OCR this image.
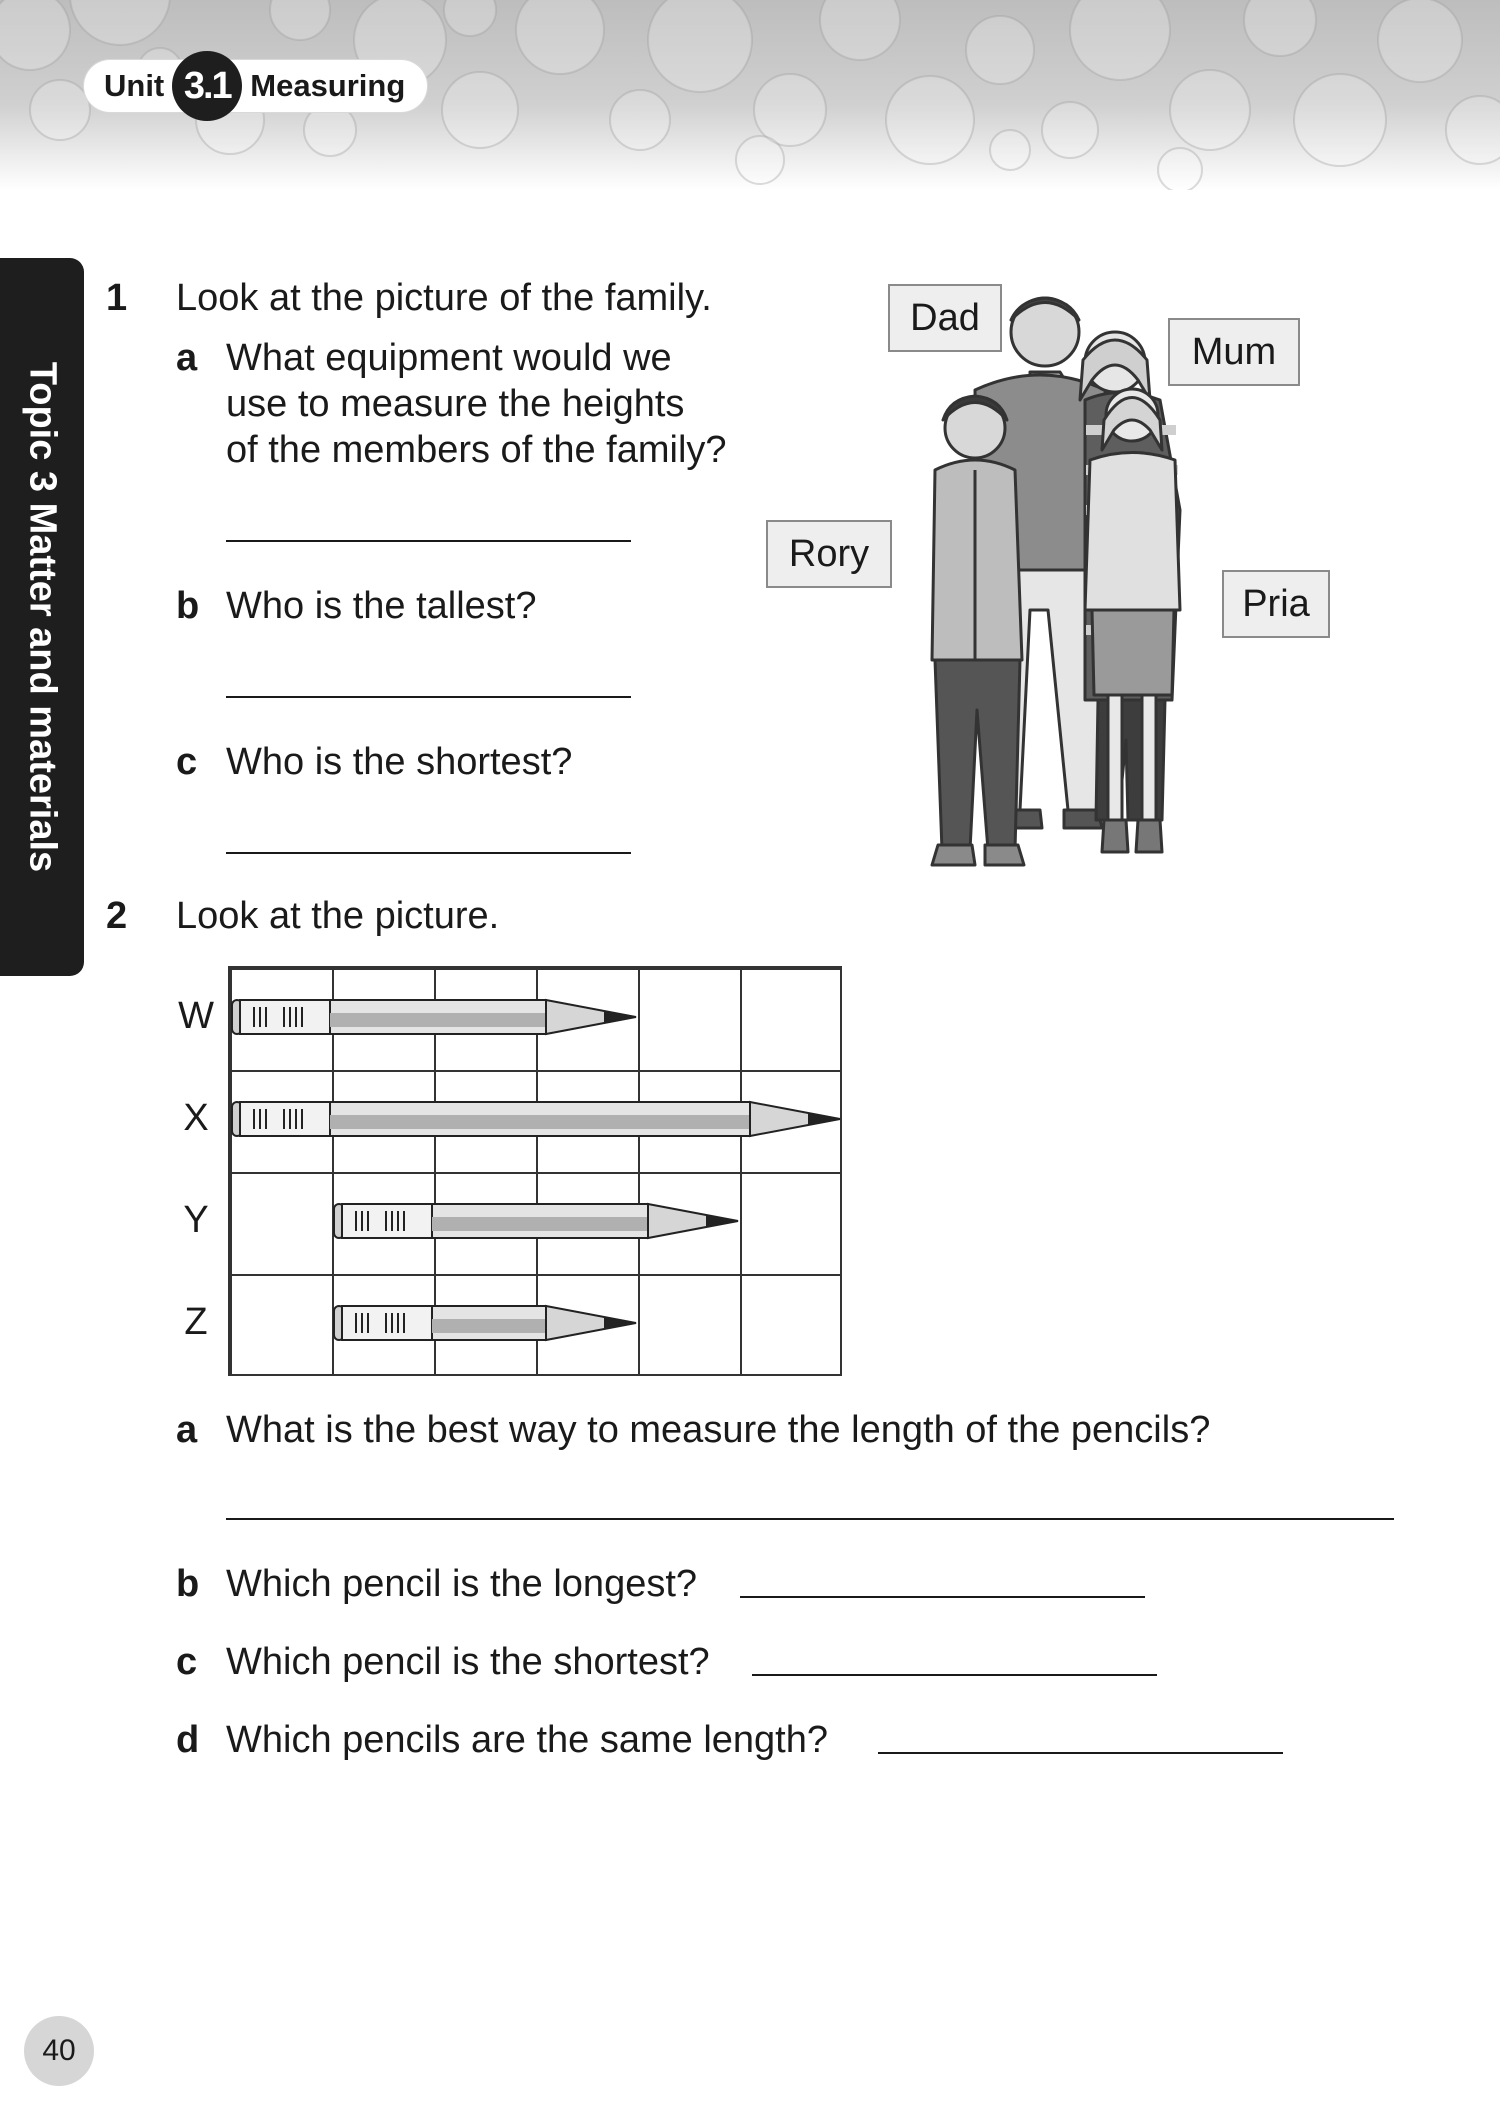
Unit 3.1 Measuring
Topic 3 Matter and materials
1 Look at the picture of the family.
a What equipment would we
use to measure the heights
of the members of the family?
b Who is the tallest?
c Who is the shortest?
Dad
Mum
Rory
Pria
2 Look at the picture.
W
X
Y
Z
a What is the best way to measure the length of the pencils?
b Which pencil is the longest?
c Which pencil is the shortest?
d Which pencils are the same length?
40
